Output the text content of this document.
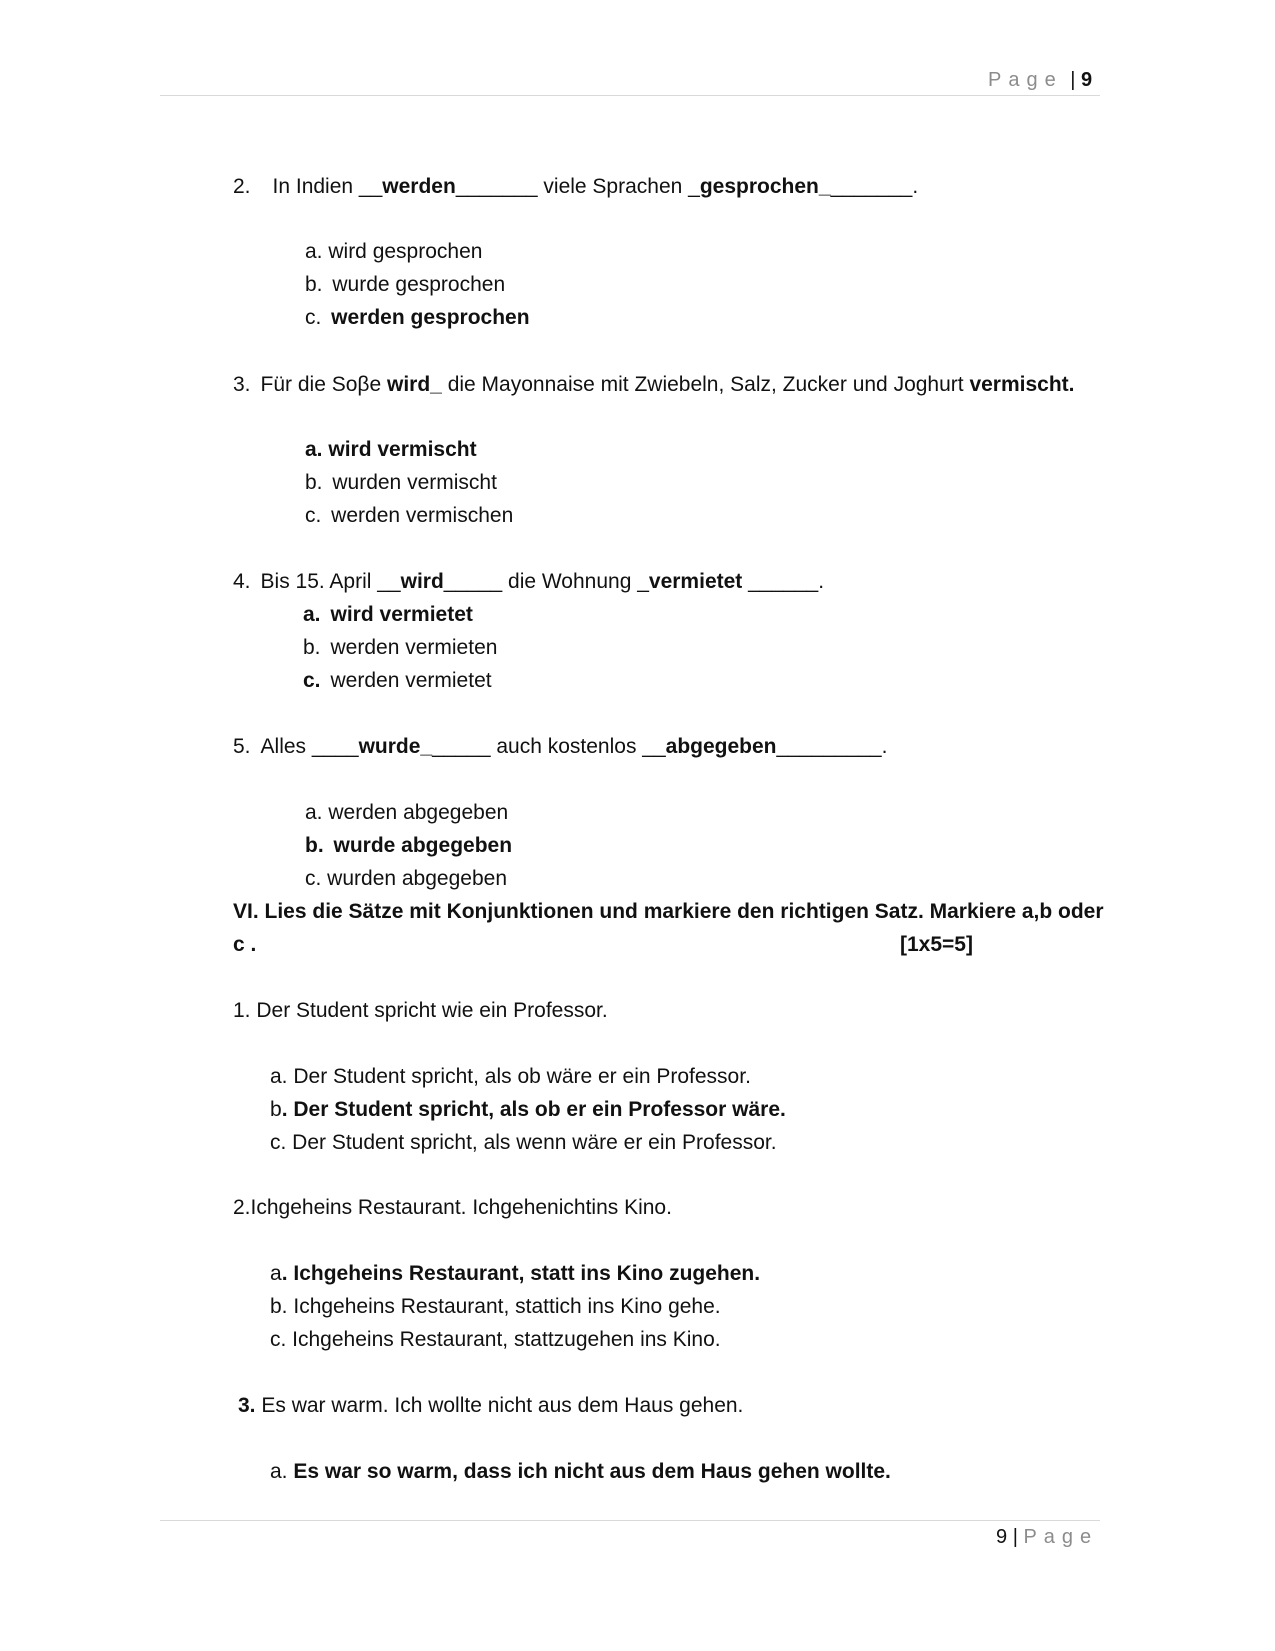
Page | 9
2. In Indien __werden_______ viele Sprachen _gesprochen________.
a. wird gesprochen
b. wurde gesprochen
c. werden gesprochen
3. Für die Soβe wird_ die Mayonnaise mit Zwiebeln, Salz, Zucker und Joghurt vermischt.
a. wird vermischt
b. wurden vermischt
c. werden vermischen
4. Bis 15. April __wird_____ die Wohnung _vermietet ______.
a. wird vermietet
b. werden vermieten
c. werden vermietet
5. Alles ____wurde______ auch kostenlos __abgegeben_________.
a. werden abgegeben
b. wurde abgegeben
c. wurden abgegeben
VI. Lies die Sätze mit Konjunktionen und markiere den richtigen Satz. Markiere a,b oder
c .	[1x5=5]
1. Der Student spricht wie ein Professor.
a. Der Student spricht, als ob wäre er ein Professor.
b. Der Student spricht, als ob er ein Professor wäre.
c. Der Student spricht, als wenn wäre er ein Professor.
2.Ichgeheins Restaurant. Ichgehenichtins Kino.
a. Ichgeheins Restaurant, statt ins Kino zugehen.
b. Ichgeheins Restaurant, stattich ins Kino gehe.
c. Ichgeheins Restaurant, stattzugehen ins Kino.
3. Es war warm. Ich wollte nicht aus dem Haus gehen.
a. Es war so warm, dass ich nicht aus dem Haus gehen wollte.
9 | Page
